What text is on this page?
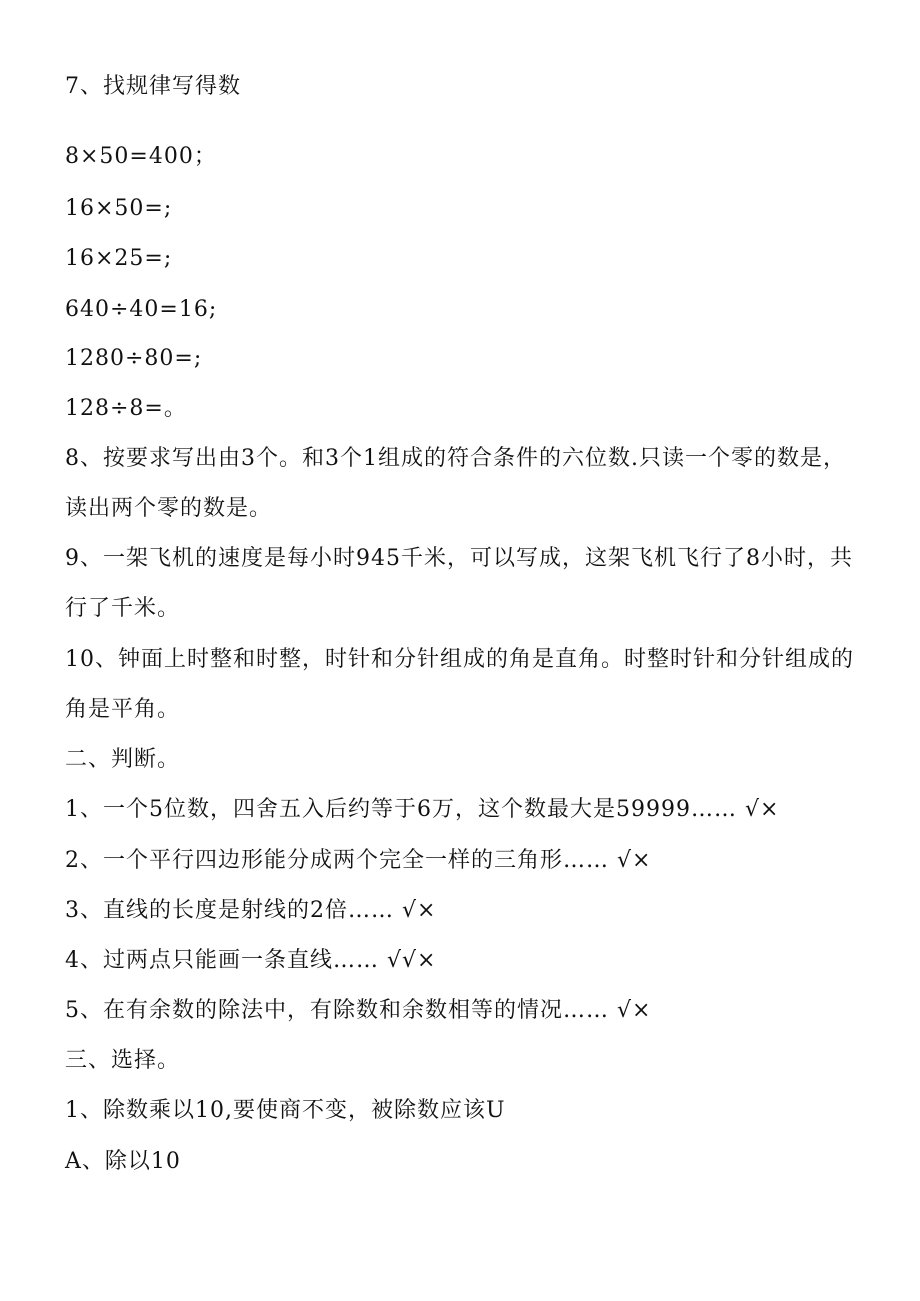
7、找规律写得数
8×50=400；
16×50=;
16×25=;
640÷40=16;
1280÷80=;
128÷8=。
8、按要求写出由3个。和3个1组成的符合条件的六位数.只读一个零的数是，
读出两个零的数是。
9、一架飞机的速度是每小时945千米，可以写成，这架飞机飞行了8小时，共
行了千米。
10、钟面上时整和时整，时针和分针组成的角是直角。时整时针和分针组成的
角是平角。
二、判断。
1、一个5位数，四舍五入后约等于6万，这个数最大是59999…… √×
2、一个平行四边形能分成两个完全一样的三角形…… √×
3、直线的长度是射线的2倍…… √×
4、过两点只能画一条直线…… √√×
5、在有余数的除法中，有除数和余数相等的情况…… √×
三、选择。
1、除数乘以10,要使商不变，被除数应该U
A、除以10
